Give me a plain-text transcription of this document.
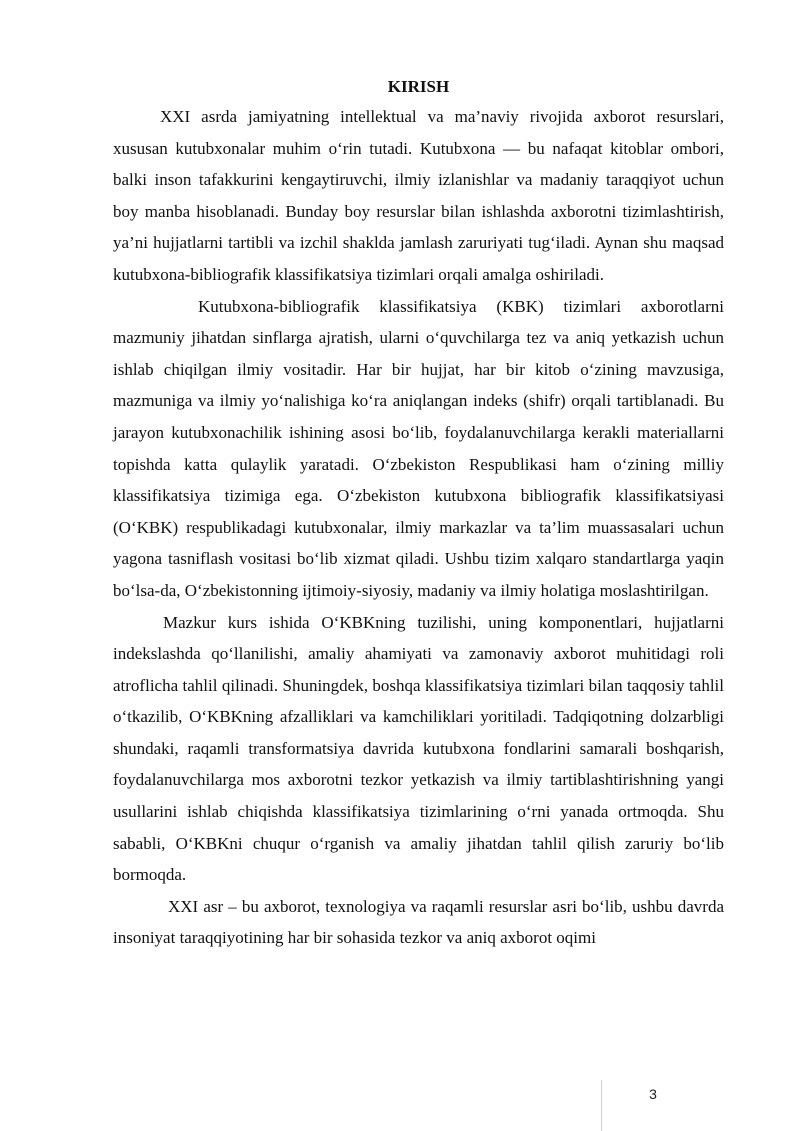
KIRISH

XXI asrda jamiyatning intellektual va ma’naviy rivojida axborot resurslari, xususan kutubxonalar muhim o‘rin tutadi. Kutubxona — bu nafaqat kitoblar ombori, balki inson tafakkurini kengaytiruvchi, ilmiy izlanishlar va madaniy taraqqiyot uchun boy manba hisoblanadi. Bunday boy resurslar bilan ishlashda axborotni tizimlashtirish, ya’ni hujjatlarni tartibli va izchil shaklda jamlash zaruriyati tug‘iladi. Aynan shu maqsad kutubxona-bibliografik klassifikatsiya tizimlari orqali amalga oshiriladi.

Kutubxona-bibliografik klassifikatsiya (KBK) tizimlari axborotlarni mazmuniy jihatdan sinflarga ajratish, ularni o‘quvchilarga tez va aniq yetkazish uchun ishlab chiqilgan ilmiy vositadir. Har bir hujjat, har bir kitob o‘zining mavzusiga, mazmuniga va ilmiy yo‘nalishiga ko‘ra aniqlangan indeks (shifr) orqali tartiblanadi. Bu jarayon kutubxonachilik ishining asosi bo‘lib, foydalanuvchilarga kerakli materiallarni topishda katta qulaylik yaratadi. O‘zbekiston Respublikasi ham o‘zining milliy klassifikatsiya tizimiga ega. O‘zbekiston kutubxona bibliografik klassifikatsiyasi (O‘KBK) respublikadagi kutubxonalar, ilmiy markazlar va ta’lim muassasalari uchun yagona tasniflash vositasi bo‘lib xizmat qiladi. Ushbu tizim xalqaro standartlarga yaqin bo‘lsa-da, O‘zbekistonning ijtimoiy-siyosiy, madaniy va ilmiy holatiga moslashtirilgan.

Mazkur kurs ishida O‘KBKning tuzilishi, uning komponentlari, hujjatlarni indekslashda qo‘llanilishi, amaliy ahamiyati va zamonaviy axborot muhitidagi roli atroflicha tahlil qilinadi. Shuningdek, boshqa klassifikatsiya tizimlari bilan taqqosiy tahlil o‘tkazilib, O‘KBKning afzalliklari va kamchiliklari yoritiladi. Tadqiqotning dolzarbligi shundaki, raqamli transformatsiya davrida kutubxona fondlarini samarali boshqarish, foydalanuvchilarga mos axborotni tezkor yetkazish va ilmiy tartiblashtirishning yangi usullarini ishlab chiqishda klassifikatsiya tizimlarining o‘rni yanada ortmoqda. Shu sababli, O‘KBKni chuqur o‘rganish va amaliy jihatdan tahlil qilish zaruriy bo‘lib bormoqda.

XXI asr – bu axborot, texnologiya va raqamli resurslar asri bo‘lib, ushbu davrda insoniyat taraqqiyotining har bir sohasida tezkor va aniq axborot oqimi

3
